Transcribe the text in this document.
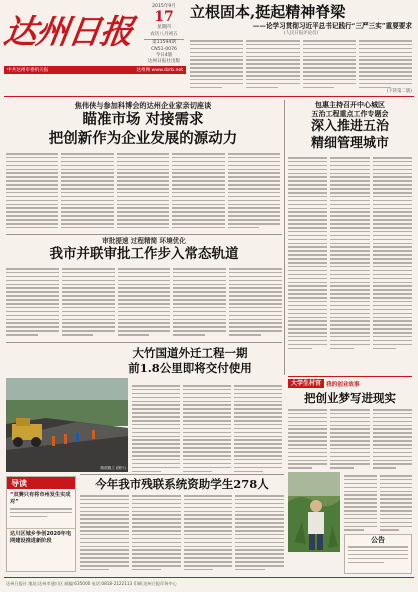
达州日报
2015年9月
17
星期四
农历八月初五
第11594期
CN51-0076
今日4版
达州日报社出版
立根固本,挺起精神脊梁
——论学习贯彻习近平总书记践行“三严三实”重要要求
(人民日报评论员)
(下转第二版)
中共达州市委机关报	达州网 www.dzrb.net
焦伟侠与参加科博会的达州企业家亲切座谈
瞄准市场 对接需求
把创新作为企业发展的源动力
包惠主持召开中心城区
五治工程重点工作专题会
深入推进五治
精细管理城市
审批提速 过程精简 环境优化
我市并联审批工作步入常态轨道
大竹国道外迁工程一期
前1.8公里即将交付使用
路面施工 (图片)
大学生村官 我的创业故事
把创业梦写进现实
导读
“双赛只有将市州发生实成对”
达川区城乡争创2020年电网建设推进新阶段
今年我市残联系统资助学生278人
公告
达州日报社 地址:达州市通川区 邮编:635000 电话:0818-2122113 印刷:达州日报印务中心
